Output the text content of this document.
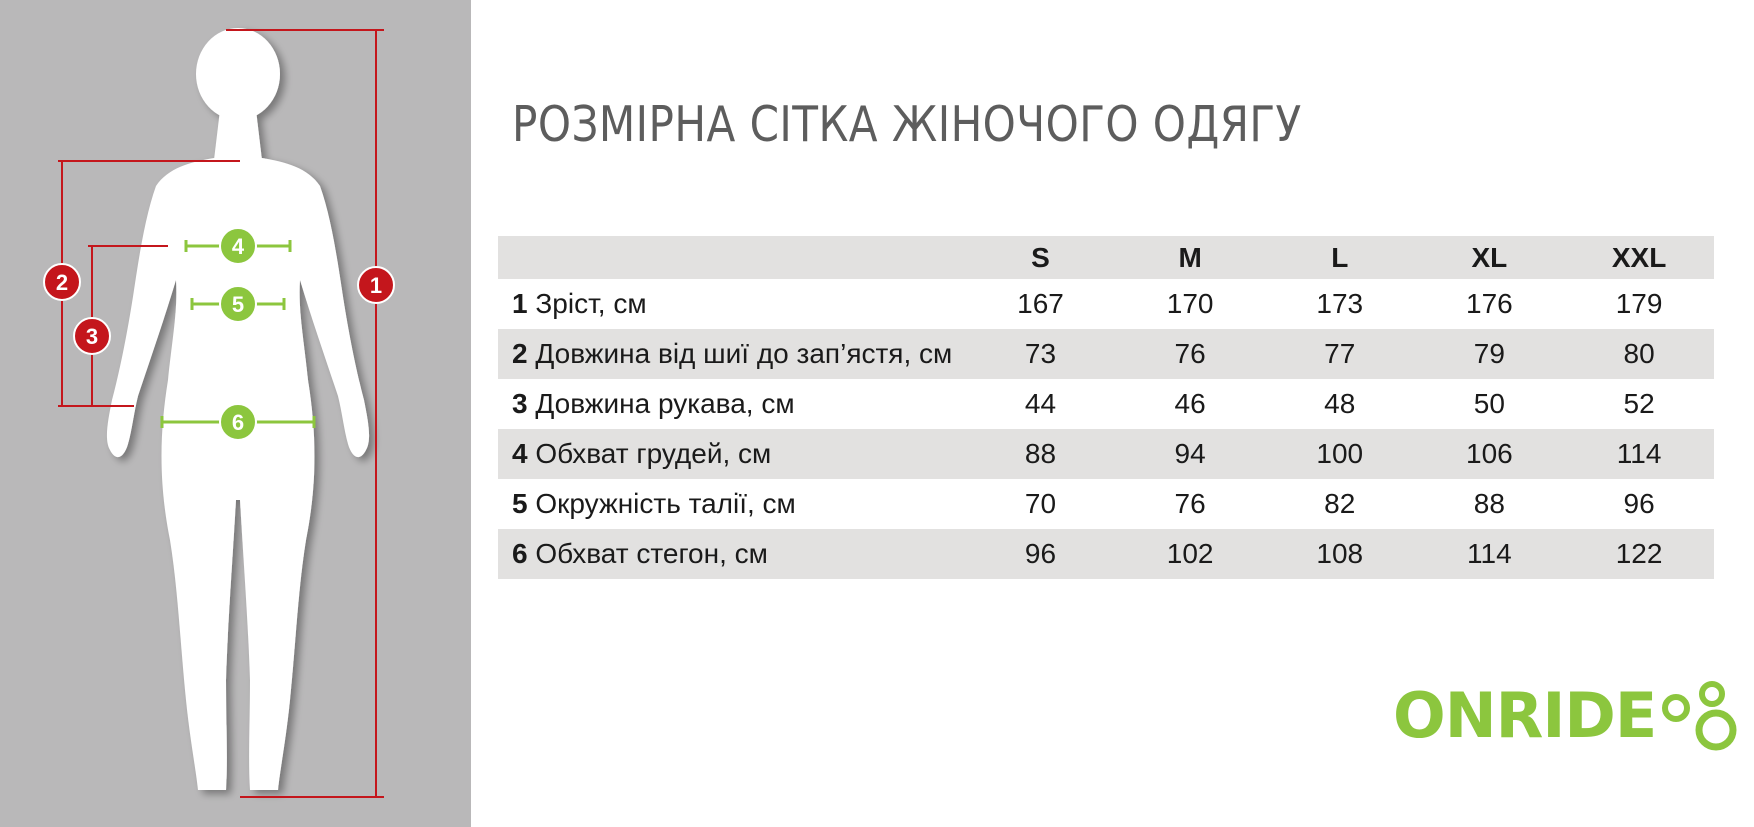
1
2
3
4
5
6
РОЗМІРНА СІТКА ЖІНОЧОГО ОДЯГУ
	S	M	L	XL	XXL
1 Зріст, см	167	170	173	176	179
2 Довжина від шиї до зап’ястя, см	73	76	77	79	80
3 Довжина рукава, см	44	46	48	50	52
4 Обхват грудей, см	88	94	100	106	114
5 Окружність талії, см	70	76	82	88	96
6 Обхват стегон, см	96	102	108	114	122
ONRIDE
